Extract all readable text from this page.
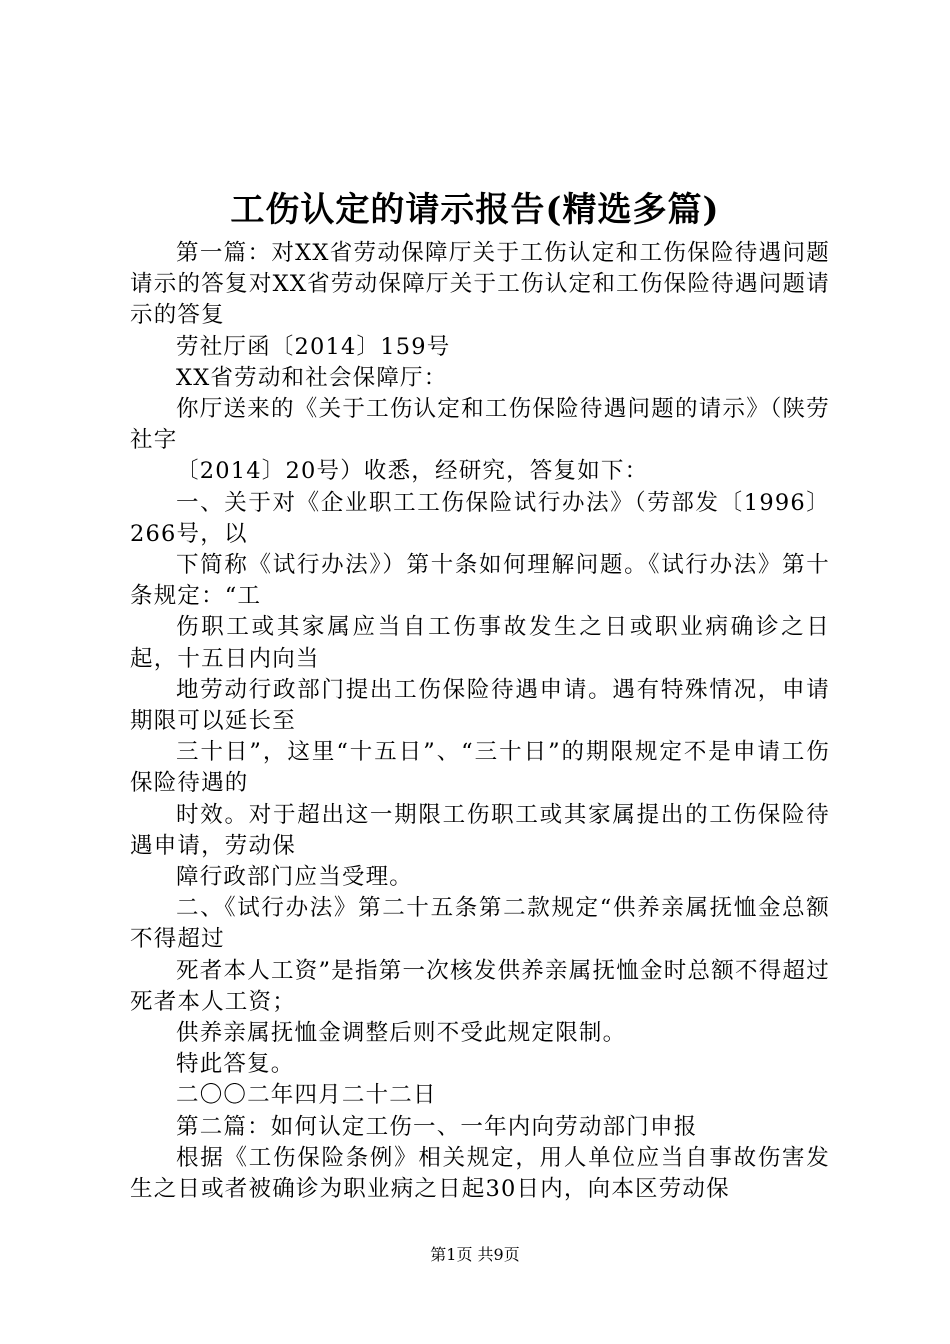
工伤认定的请示报告(精选多篇)

第一篇：对XX省劳动保障厅关于工伤认定和工伤保险待遇问题请示的答复对XX省劳动保障厅关于工伤认定和工伤保险待遇问题请示的答复

劳社厅函〔2014〕159号

XX省劳动和社会保障厅：

你厅送来的《关于工伤认定和工伤保险待遇问题的请示》（陕劳社字

〔2014〕20号）收悉，经研究，答复如下：

一、关于对《企业职工工伤保险试行办法》（劳部发〔1996〕266号，以

下简称《试行办法》）第十条如何理解问题。《试行办法》第十条规定：“工

伤职工或其家属应当自工伤事故发生之日或职业病确诊之日起，十五日内向当

地劳动行政部门提出工伤保险待遇申请。遇有特殊情况，申请期限可以延长至

三十日”，这里“十五日”、“三十日”的期限规定不是申请工伤保险待遇的

时效。对于超出这一期限工伤职工或其家属提出的工伤保险待遇申请，劳动保

障行政部门应当受理。

二、《试行办法》第二十五条第二款规定“供养亲属抚恤金总额不得超过

死者本人工资”是指第一次核发供养亲属抚恤金时总额不得超过死者本人工资；

供养亲属抚恤金调整后则不受此规定限制。

特此答复。

二〇〇二年四月二十二日

第二篇：如何认定工伤一、一年内向劳动部门申报

根据《工伤保险条例》相关规定，用人单位应当自事故伤害发生之日或者被确诊为职业病之日起30日内，向本区劳动保

第1页 共9页
